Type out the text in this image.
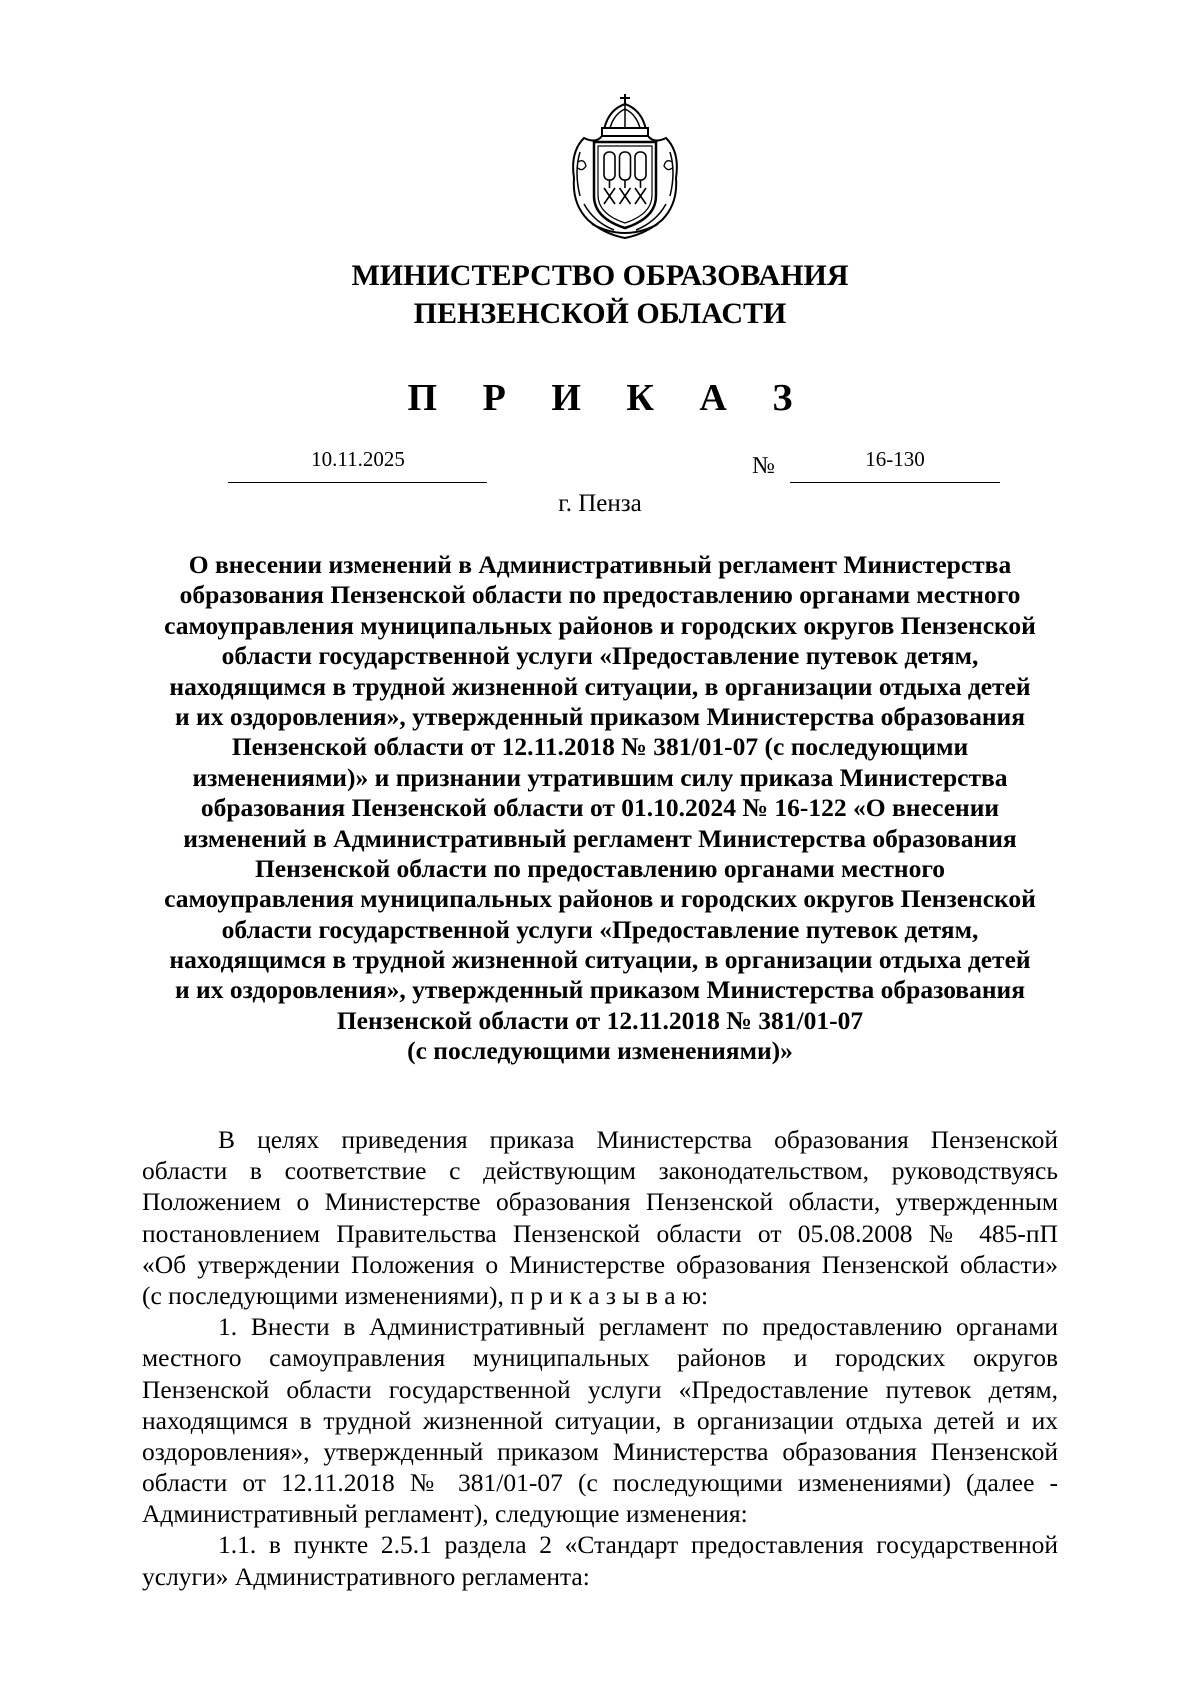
МИНИСТЕРСТВО ОБРАЗОВАНИЯ
ПЕНЗЕНСКОЙ ОБЛАСТИ
П Р И К А З
10.11.2025	№	16-130
г. Пенза
О внесении изменений в Административный регламент Министерства
образования Пензенской области по предоставлению органами местного
самоуправления муниципальных районов и городских округов Пензенской
области государственной услуги «Предоставление путевок детям,
находящимся в трудной жизненной ситуации, в организации отдыха детей
и их оздоровления», утвержденный приказом Министерства образования
Пензенской области от 12.11.2018 № 381/01-07 (с последующими
изменениями)» и признании утратившим силу приказа Министерства
образования Пензенской области от 01.10.2024 № 16-122 «О внесении
изменений в Административный регламент Министерства образования
Пензенской области по предоставлению органами местного
самоуправления муниципальных районов и городских округов Пензенской
области государственной услуги «Предоставление путевок детям,
находящимся в трудной жизненной ситуации, в организации отдыха детей
и их оздоровления», утвержденный приказом Министерства образования
Пензенской области от 12.11.2018 № 381/01-07
(с последующими изменениями)»
В целях приведения приказа Министерства образования Пензенской
области в соответствие с действующим законодательством, руководствуясь
Положением о Министерстве образования Пензенской области, утвержденным
постановлением Правительства Пензенской области от 05.08.2008 № 485-пП
«Об утверждении Положения о Министерстве образования Пензенской области»
(с последующими изменениями), п р и к а з ы в а ю:
1. Внести в Административный регламент по предоставлению органами
местного самоуправления муниципальных районов и городских округов
Пензенской области государственной услуги «Предоставление путевок детям,
находящимся в трудной жизненной ситуации, в организации отдыха детей и их
оздоровления», утвержденный приказом Министерства образования Пензенской
области от 12.11.2018 № 381/01-07 (с последующими изменениями) (далее -
Административный регламент), следующие изменения:
1.1. в пункте 2.5.1 раздела 2 «Стандарт предоставления государственной
услуги» Административного регламента:
